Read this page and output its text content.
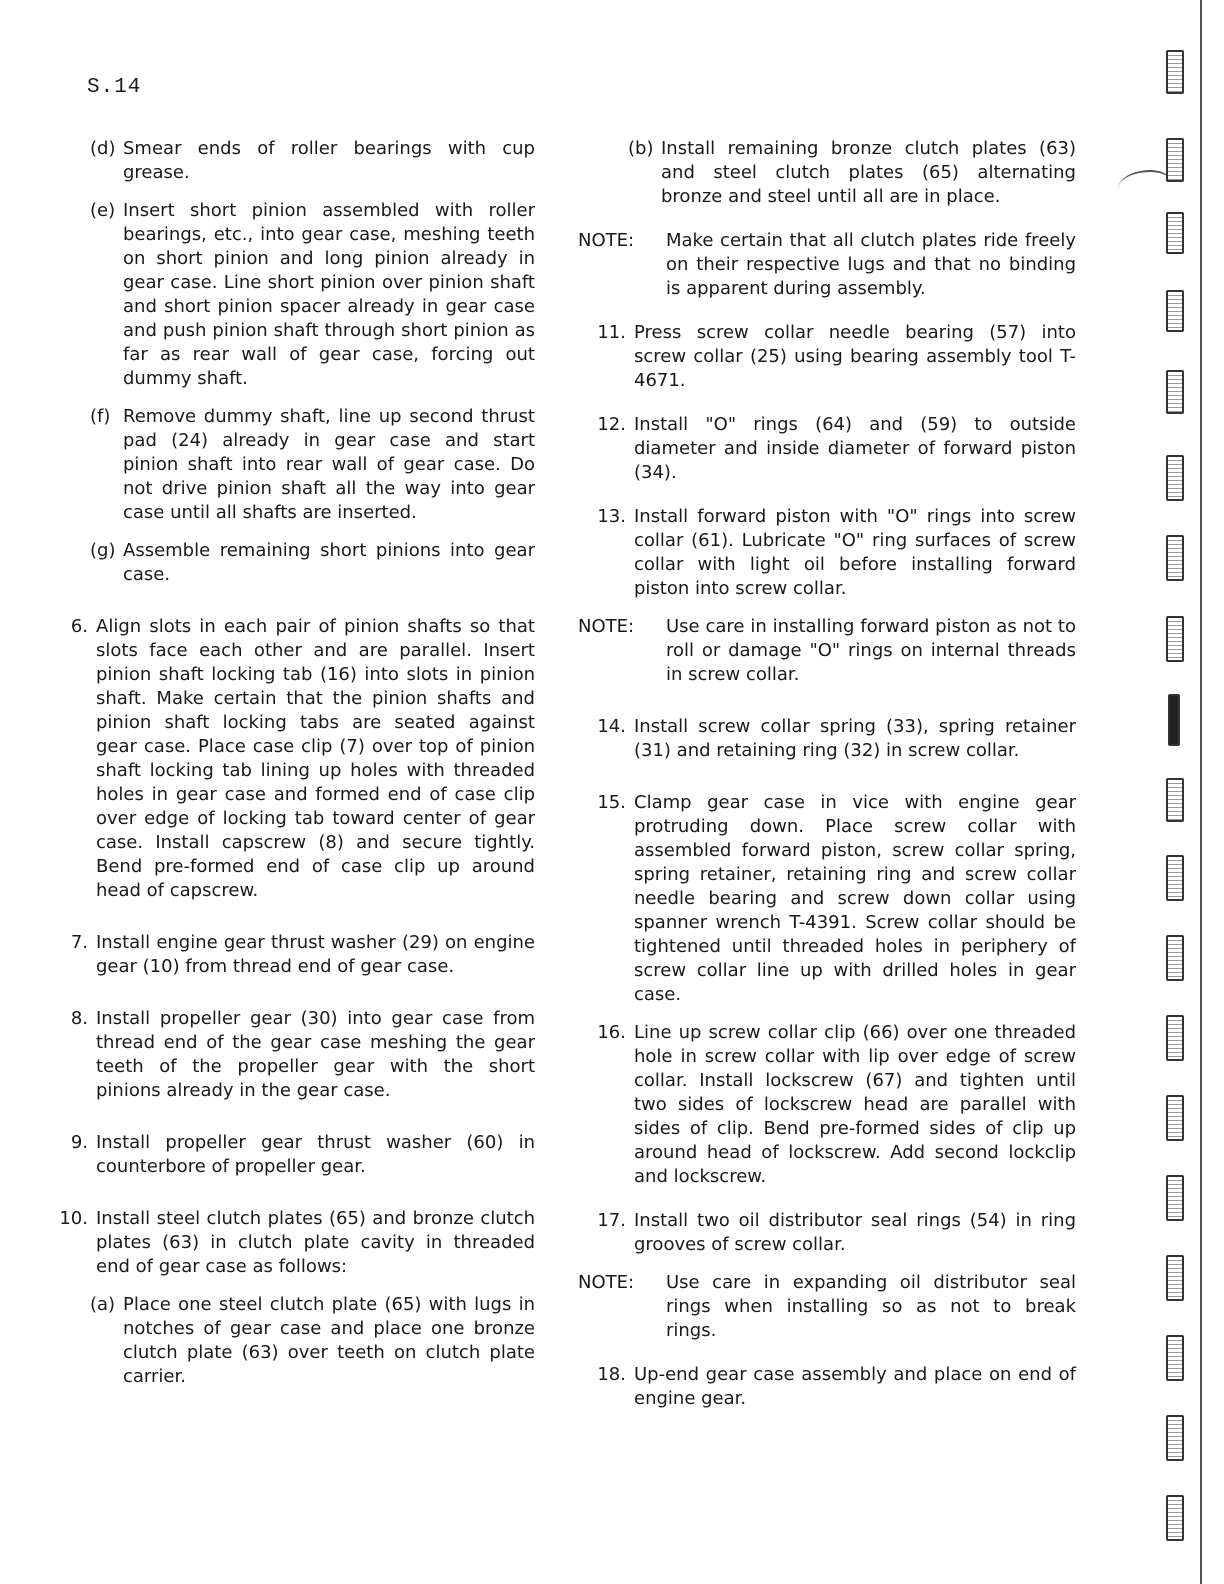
S.14
(d) Smear ends of roller bearings with cup grease.
(e) Insert short pinion assembled with roller bearings, etc., into gear case, meshing teeth on short pinion and long pinion already in gear case. Line short pinion over pinion shaft and short pinion spacer already in gear case and push pinion shaft through short pinion as far as rear wall of gear case, forcing out dummy shaft.
(f) Remove dummy shaft, line up second thrust pad (24) already in gear case and start pinion shaft into rear wall of gear case. Do not drive pinion shaft all the way into gear case until all shafts are inserted.
(g) Assemble remaining short pinions into gear case.
6. Align slots in each pair of pinion shafts so that slots face each other and are parallel. Insert pinion shaft locking tab (16) into slots in pinion shaft. Make certain that the pinion shafts and pinion shaft locking tabs are seated against gear case. Place case clip (7) over top of pinion shaft locking tab lining up holes with threaded holes in gear case and formed end of case clip over edge of locking tab toward center of gear case. Install capscrew (8) and secure tightly. Bend pre-formed end of case clip up around head of capscrew.
7. Install engine gear thrust washer (29) on engine gear (10) from thread end of gear case.
8. Install propeller gear (30) into gear case from thread end of the gear case meshing the gear teeth of the propeller gear with the short pinions already in the gear case.
9. Install propeller gear thrust washer (60) in counterbore of propeller gear.
10. Install steel clutch plates (65) and bronze clutch plates (63) in clutch plate cavity in threaded end of gear case as follows:
(a) Place one steel clutch plate (65) with lugs in notches of gear case and place one bronze clutch plate (63) over teeth on clutch plate carrier.
(b) Install remaining bronze clutch plates (63) and steel clutch plates (65) alternating bronze and steel until all are in place.
NOTE:	Make certain that all clutch plates ride freely on their respective lugs and that no binding is apparent during assembly.
11. Press screw collar needle bearing (57) into screw collar (25) using bearing assembly tool T-4671.
12. Install "O" rings (64) and (59) to outside diameter and inside diameter of forward piston (34).
13. Install forward piston with "O" rings into screw collar (61). Lubricate "O" ring surfaces of screw collar with light oil before installing forward piston into screw collar.
NOTE:	Use care in installing forward piston as not to roll or damage "O" rings on internal threads in screw collar.
14. Install screw collar spring (33), spring retainer (31) and retaining ring (32) in screw collar.
15. Clamp gear case in vice with engine gear protruding down. Place screw collar with assembled forward piston, screw collar spring, spring retainer, retaining ring and screw collar needle bearing and screw down collar using spanner wrench T-4391. Screw collar should be tightened until threaded holes in periphery of screw collar line up with drilled holes in gear case.
16. Line up screw collar clip (66) over one threaded hole in screw collar with lip over edge of screw collar. Install lockscrew (67) and tighten until two sides of lockscrew head are parallel with sides of clip. Bend pre-formed sides of clip up around head of lockscrew. Add second lockclip and lockscrew.
17. Install two oil distributor seal rings (54) in ring grooves of screw collar.
NOTE:	Use care in expanding oil distributor seal rings when installing so as not to break rings.
18. Up-end gear case assembly and place on end of engine gear.
